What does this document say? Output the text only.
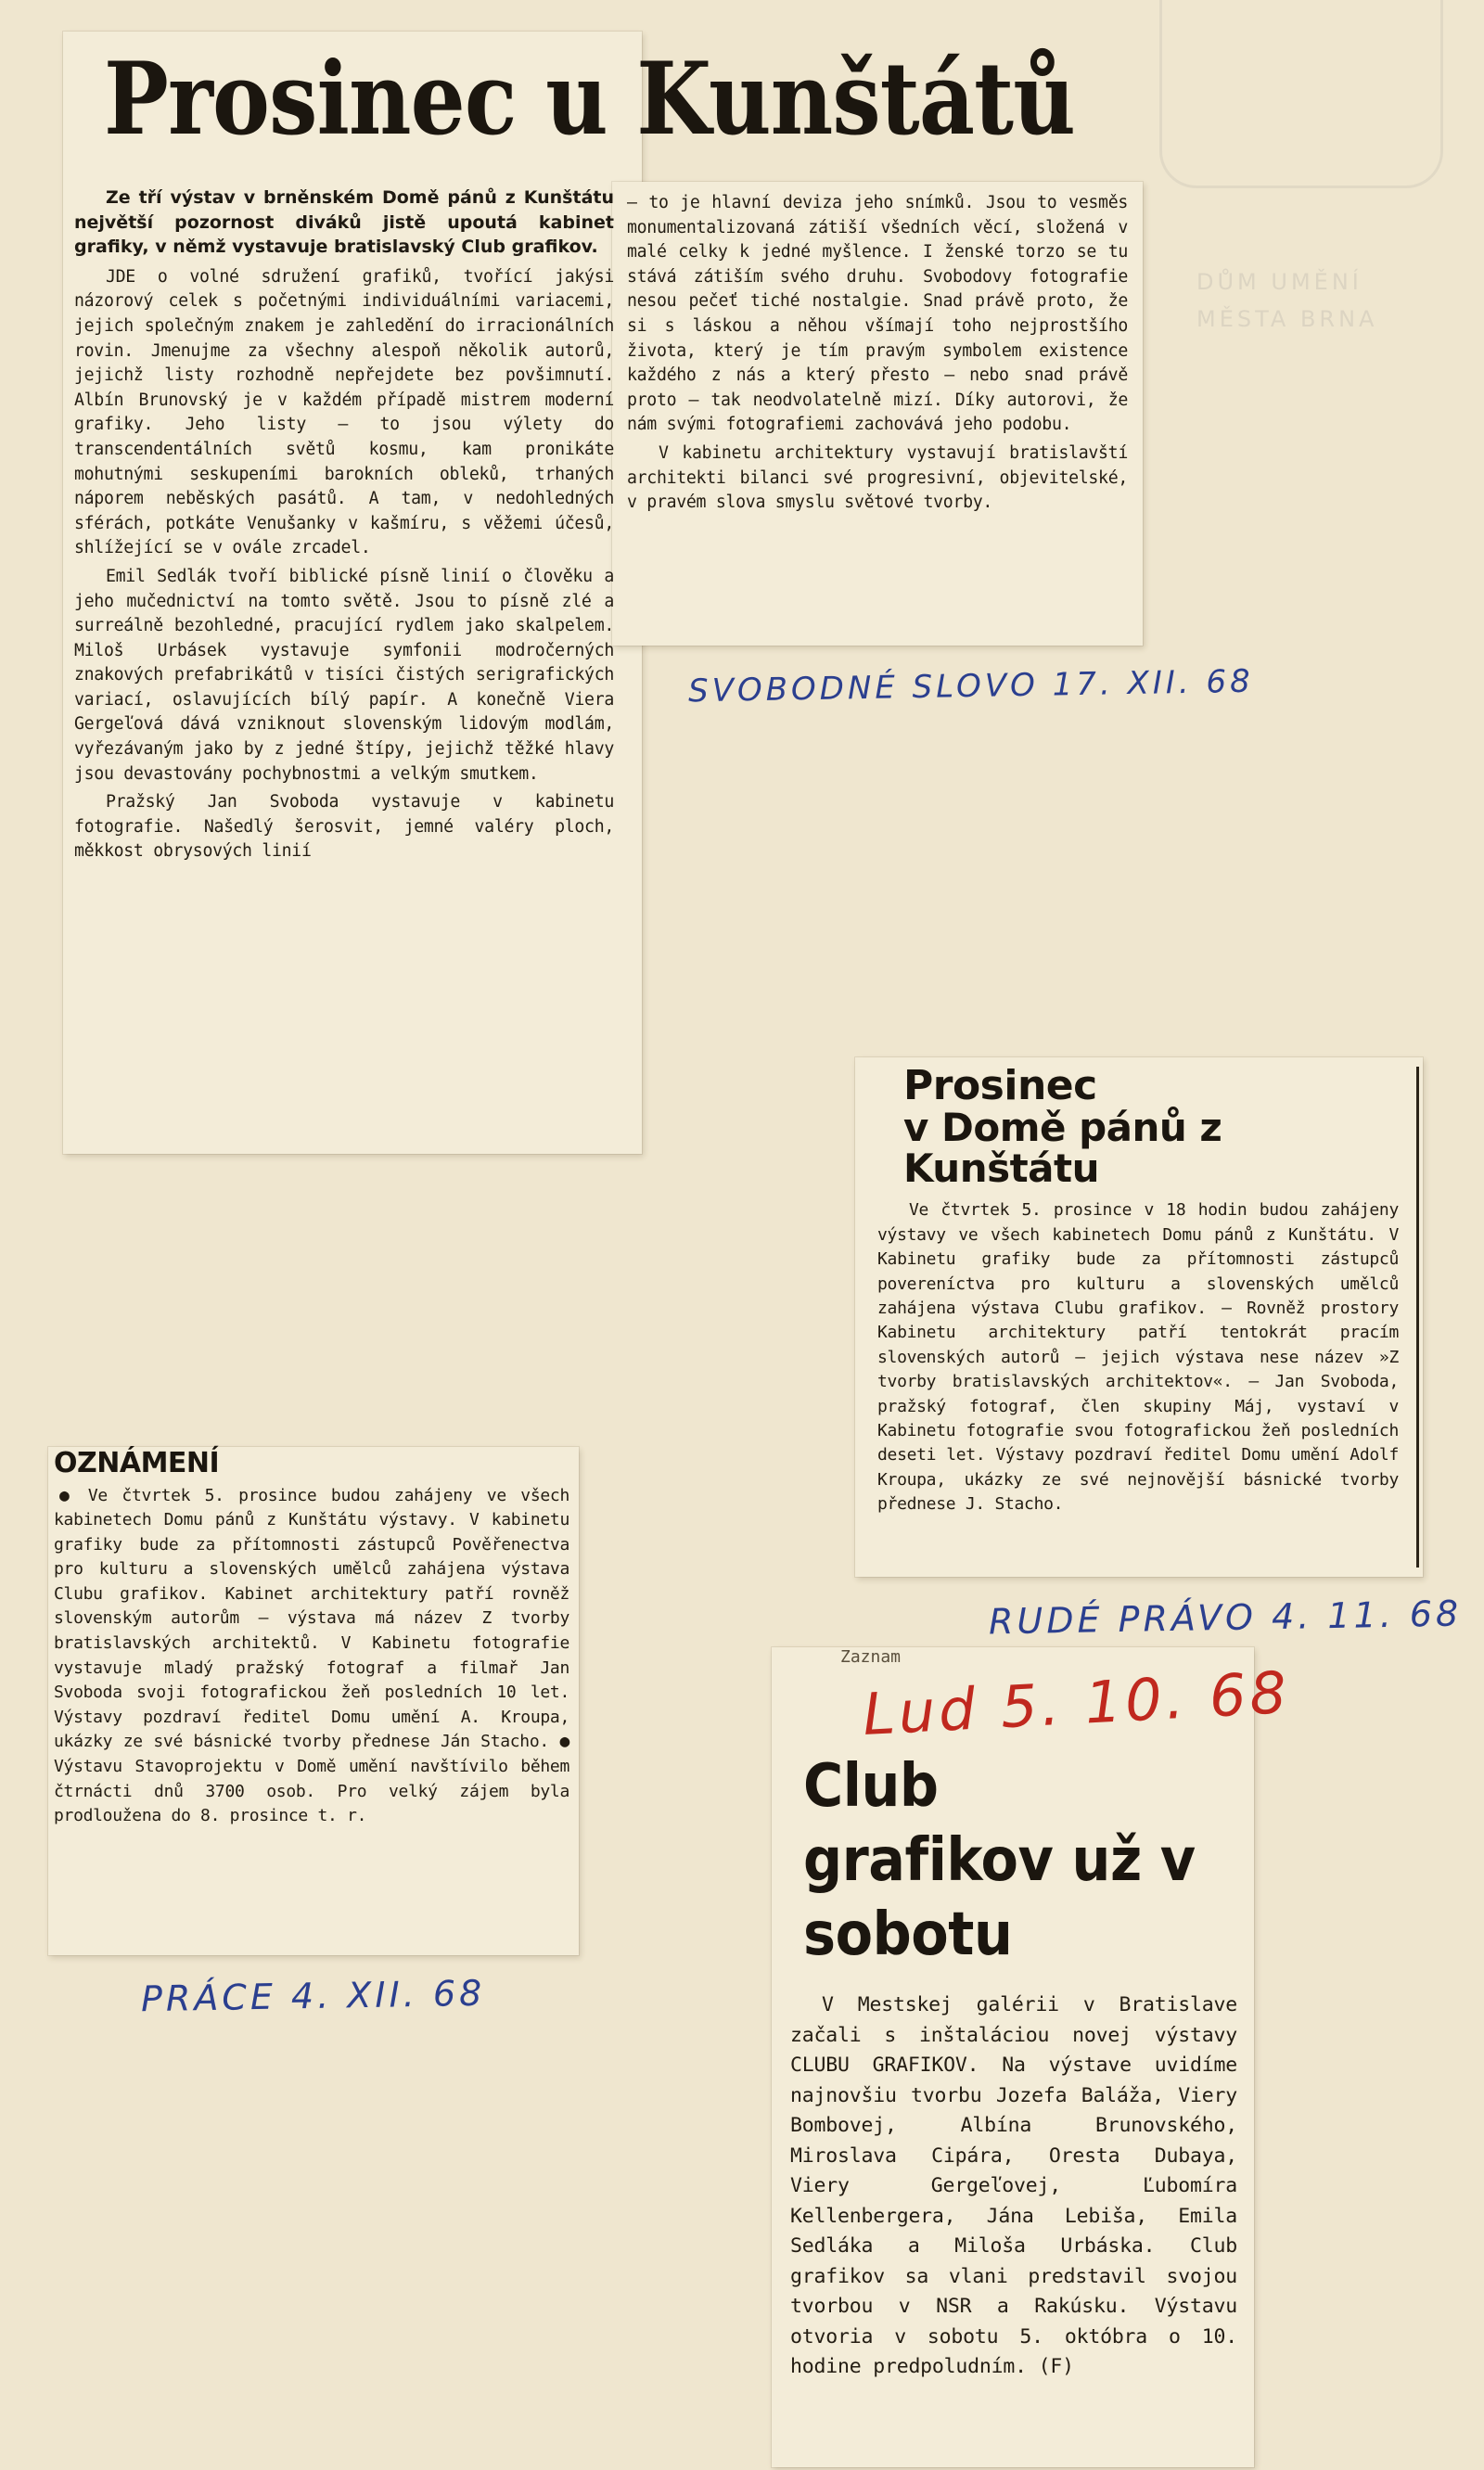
DŮM UMĚNÍ
MĚSTA BRNA
Prosinec u Kunštátů
Ze tří výstav v brněnském Domě pánů z Kunštátu největší pozornost diváků jistě upoutá kabinet grafiky, v němž vystavuje bratislavský Club grafikov.

JDE o volné sdružení grafiků, tvořící jakýsi názorový celek s početnými individuálními variacemi, jejich společným znakem je zahledění do irracionálních rovin. Jmenujme za všechny alespoň několik autorů, jejichž listy rozhodně nepřejdete bez povšimnutí. Albín Brunovský je v každém případě mistrem moderní grafiky. Jeho listy — to jsou výlety do transcendentálních světů kosmu, kam pronikáte mohutnými seskupeními barokních obleků, trhaných náporem neběských pasátů. A tam, v nedohledných sférách, potkáte Venušanky v kašmíru, s věžemi účesů, shlížející se v oválе zrcadel.

Emil Sedlák tvoří biblické písně linií o člověku a jeho mučednictví na tomto světě. Jsou to písně zlé a surreálně bezohledné, pracující rydlem jako skalpelem. Miloš Urbásek vystavuje symfonii modročerných znakových prefabrikátů v tisíci čistých serigrafických variací, oslavujících bílý papír. A konečně Viera Gergeľová dává vzniknout slovenským lidovým modlám, vyřezávaným jako by z jedné štípy, jejichž těžké hlavy jsou devastovány pochybnostmi a velkým smutkem.

Pražský Jan Svoboda vystavuje v kabinetu fotografie. Našedlý šerosvit, jemné valéry ploch, měkkost obrysových linií

— to je hlavní deviza jeho snímků. Jsou to vesměs monumentalizovaná zátiší všedních věcí, složená v malé celky k jedné myšlence. I ženské torzo se tu stává zátiším svého druhu. Svobodovy fotografie nesou pečeť tiché nostalgie. Snad právě proto, že si s láskou a něhou všímají toho nejprostšího života, který je tím pravým symbolem existence každého z nás a který přesto — nebo snad právě proto — tak neodvolatelně mizí. Díky autorovi, že nám svými fotografiemi zachovává jeho podobu.

V kabinetu architektury vystavují bratislavští architekti bilanci své progresivní, objevitelské, v pravém slova smyslu světové tvorby.

SVOBODNÉ SLOVO 17. XII. 68
Prosinec
v Domě pánů z Kunštátu

Ve čtvrtek 5. prosince v 18 hodin budou zahájeny výstavy ve všech kabinetech Domu pánů z Kunštátu. V Kabinetu grafiky bude za přítomnosti zástupců povereníctva pro kulturu a slovenských umělců zahájena výstava Clubu grafikov. — Rovněž prostory Kabinetu architektury patří tentokrát pracím slovenských autorů — jejich výstava nese název »Z tvorby bratislavských architektov«. — Jan Svoboda, pražský fotograf, člen skupiny Máj, vystaví v Kabinetu fotografie svou fotografickou žeň posledních deseti let. Výstavy pozdraví ředitel Domu umění Adolf Kroupa, ukázky ze své nejnovější básnické tvorby přednese J. Stacho.

RUDÉ PRÁVO 4. 11. 68
OZNÁMENÍ

● Ve čtvrtek 5. prosince budou zahájeny ve všech kabinetech Domu pánů z Kunštátu výstavy. V kabinetu grafiky bude za přítomnosti zástupců Pověřenectva pro kulturu a slovenských umělců zahájena výstava Clubu grafikov. Kabinet architektury patří rovněž slovenským autorům — výstava má název Z tvorby bratislavských architektů. V Kabinetu fotografie vystavuje mladý pražský fotograf a filmař Jan Svoboda svoji fotografickou žeň posledních 10 let. Výstavy pozdraví ředitel Domu umění A. Kroupa, ukázky ze své básnické tvorby přednese Ján Stacho. ● Výstavu Stavoprojektu v Domě umění navštívilo během čtrnácti dnů 3700 osob. Pro velký zájem byla prodloužena do 8. prosince t. r.

PRÁCE 4. XII. 68
Zaznam
Lud 5. 10. 68
Club grafikov už v sobotu

V Mestskej galérii v Bratislave začali s inštaláciou novej výstavy CLUBU GRAFIKOV. Na výstave uvidíme najnovšiu tvorbu Jozefa Baláža, Viery Bombovej, Albína Brunovského, Miroslava Cipára, Oresta Dubaya, Viery Gergeľovej, Ľubomíra Kellenbergera, Jána Lebiša, Emila Sedláka a Miloša Urbáska. Club grafikov sa vlani predstavil svojou tvorbou v NSR a Rakúsku. Výstavu otvoria v sobotu 5. októbra o 10. hodine predpoludním. (F)
